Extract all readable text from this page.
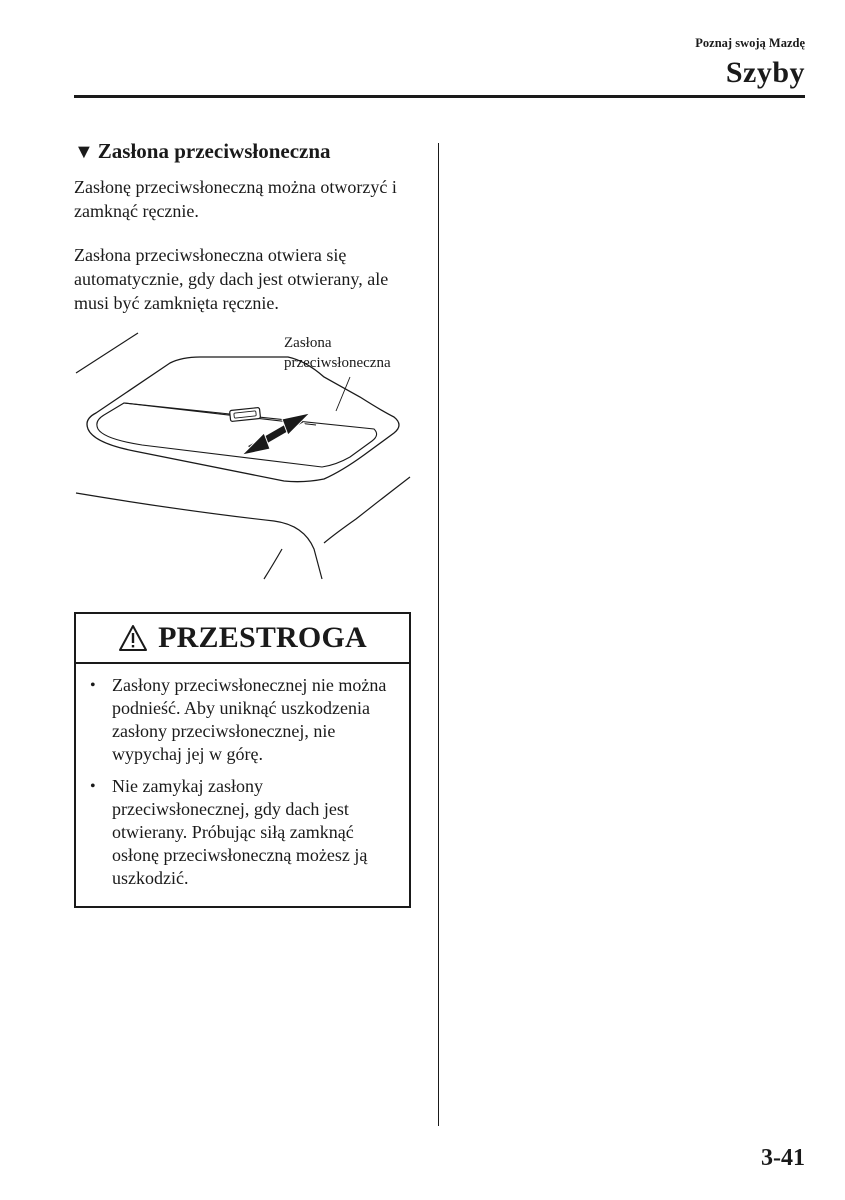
Poznaj swoją Mazdę
Szyby
▼ Zasłona przeciwsłoneczna
Zasłonę przeciwsłoneczną można otworzyć i zamknąć ręcznie.
Zasłona przeciwsłoneczna otwiera się automatycznie, gdy dach jest otwierany, ale musi być zamknięta ręcznie.
Zasłona
przeciwsłoneczna
PRZESTROGA
• Zasłony przeciwsłonecznej nie można podnieść. Aby uniknąć uszkodzenia zasłony przeciwsłonecznej, nie wypychaj jej w górę.
• Nie zamykaj zasłony przeciwsłonecznej, gdy dach jest otwierany. Próbując siłą zamknąć osłonę przeciwsłoneczną możesz ją uszkodzić.
3-41
